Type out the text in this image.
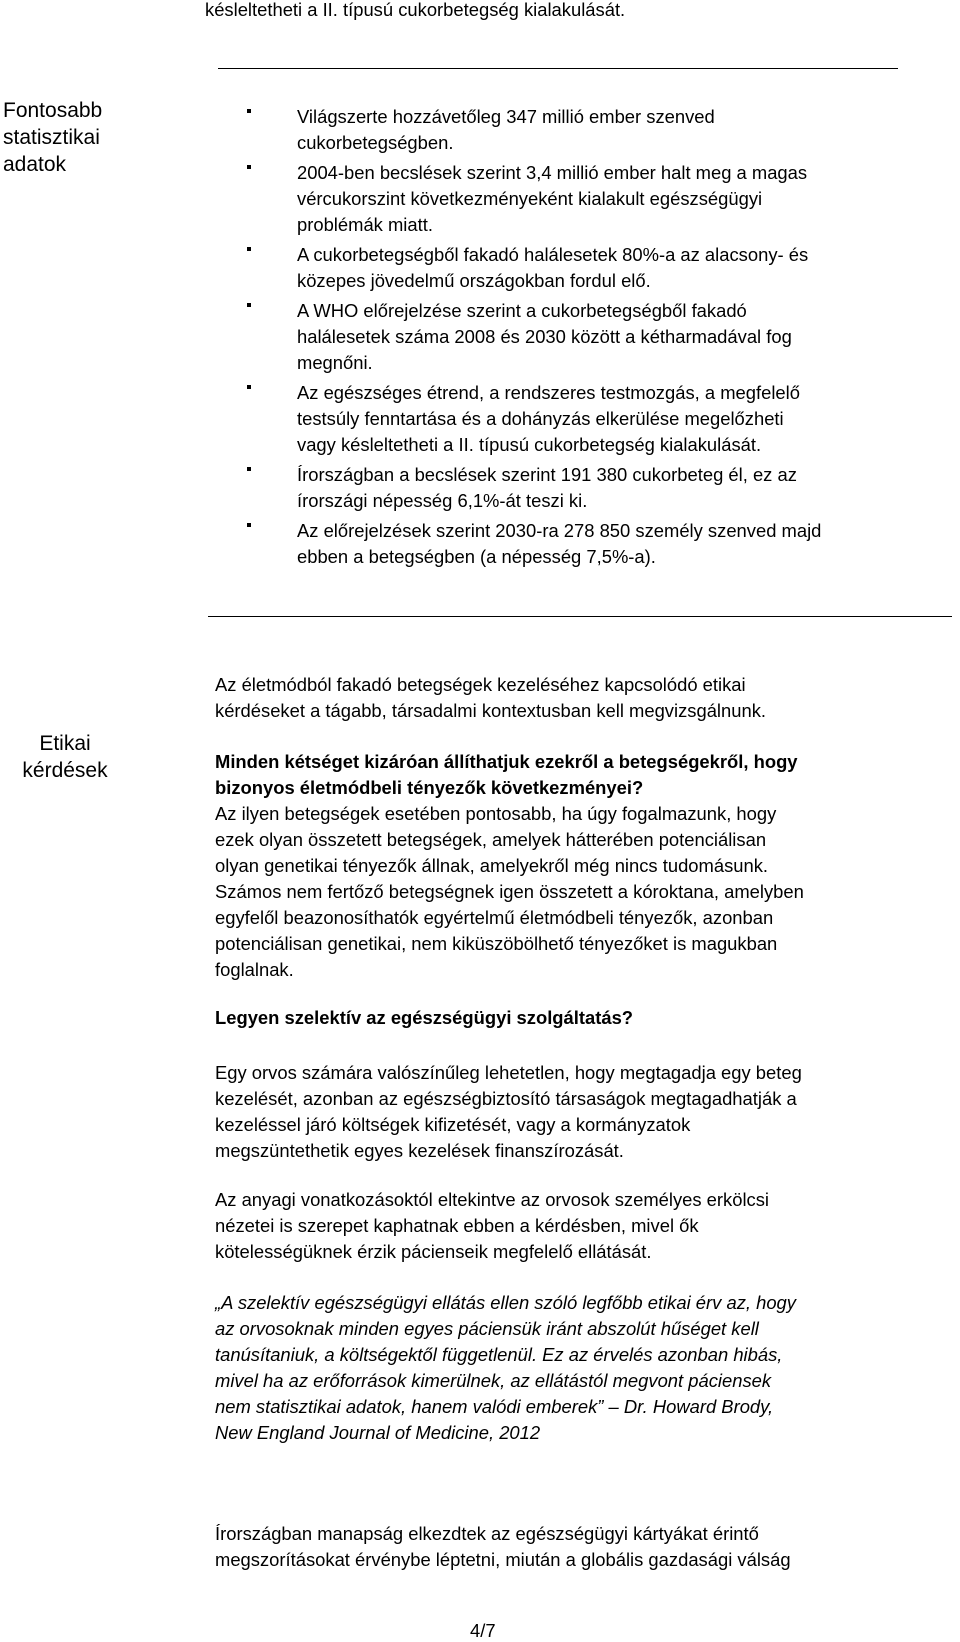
késleltetheti a II. típusú cukorbetegség kialakulását.
Fontosabb
statisztikai
adatok
Világszerte hozzávetőleg 347 millió ember szenved
cukorbetegségben.
2004-ben becslések szerint 3,4 millió ember halt meg a magas
vércukorszint következményeként kialakult egészségügyi
problémák miatt.
A cukorbetegségből fakadó halálesetek 80%-a az alacsony- és
közepes jövedelmű országokban fordul elő.
A WHO előrejelzése szerint a cukorbetegségből fakadó
halálesetek száma 2008 és 2030 között a kétharmadával fog
megnőni.
Az egészséges étrend, a rendszeres testmozgás, a megfelelő
testsúly fenntartása és a dohányzás elkerülése megelőzheti
vagy késleltetheti a II. típusú cukorbetegség kialakulását.
Írországban a becslések szerint 191 380 cukorbeteg él, ez az
írországi népesség 6,1%-át teszi ki.
Az előrejelzések szerint 2030-ra 278 850 személy szenved majd
ebben a betegségben (a népesség 7,5%-a).
Etikai
kérdések
Az életmódból fakadó betegségek kezeléséhez kapcsolódó etikai
kérdéseket a tágabb, társadalmi kontextusban kell megvizsgálnunk.
Minden kétséget kizáróan állíthatjuk ezekről a betegségekről, hogy
bizonyos életmódbeli tényezők következményei?
Az ilyen betegségek esetében pontosabb, ha úgy fogalmazunk, hogy
ezek olyan összetett betegségek, amelyek hátterében potenciálisan
olyan genetikai tényezők állnak, amelyekről még nincs tudomásunk.
Számos nem fertőző betegségnek igen összetett a kóroktana, amelyben
egyfelől beazonosíthatók egyértelmű életmódbeli tényezők, azonban
potenciálisan genetikai, nem kiküszöbölhető tényezőket is magukban
foglalnak.
Legyen szelektív az egészségügyi szolgáltatás?
Egy orvos számára valószínűleg lehetetlen, hogy megtagadja egy beteg
kezelését, azonban az egészségbiztosító társaságok megtagadhatják a
kezeléssel járó költségek kifizetését, vagy a kormányzatok
megszüntethetik egyes kezelések finanszírozását.
Az anyagi vonatkozásoktól eltekintve az orvosok személyes erkölcsi
nézetei is szerepet kaphatnak ebben a kérdésben, mivel ők
kötelességüknek érzik pácienseik megfelelő ellátását.
„A szelektív egészségügyi ellátás ellen szóló legfőbb etikai érv az, hogy
az orvosoknak minden egyes páciensük iránt abszolút hűséget kell
tanúsítaniuk, a költségektől függetlenül. Ez az érvelés azonban hibás,
mivel ha az erőforrások kimerülnek, az ellátástól megvont páciensek
nem statisztikai adatok, hanem valódi emberek” – Dr. Howard Brody,
New England Journal of Medicine, 2012
Írországban manapság elkezdtek az egészségügyi kártyákat érintő
megszorításokat érvénybe léptetni, miután a globális gazdasági válság
4/7
